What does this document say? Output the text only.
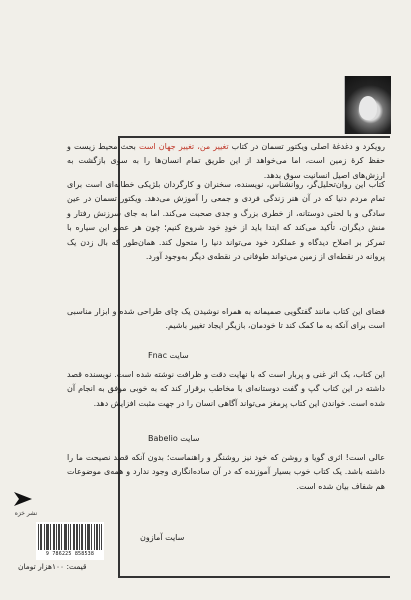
رویکرد و دغدغهٔ اصلی ویکتور تسمان در کتاب تغییر من، تغییر جهان است بحث محیط زیست و حفظ کرهٔ زمین است، اما می‌خواهد از این طریق تمام انسان‌ها را به سوی بازگشت به ارزش‌های اصیل انسانیت سوق بدهد.

کتاب این روان‌تحلیل‌گر، روانشناس، نویسنده، سخنران و کارگردان بلژیکی خطابه‌ای است برای تمام مردم دنیا که در آن هنر زندگی فردی و جمعی را آموزش می‌دهد. ویکتور تسمان در عین سادگی و با لحنی دوستانه، از خطری بزرگ و جدی صحبت می‌کند. اما به جای سرزنش رفتار و منش دیگران، تأکید می‌کند که ابتدا باید از خودِ خود شروع کنیم؛ چون هر عضو این سیاره با تمرکز بر اصلاح دیدگاه و عملکرد خود می‌تواند دنیا را متحول کند. همان‌طور که بال زدن یک پروانه در نقطه‌ای از زمین می‌تواند طوفانی در نقطه‌ی دیگر به‌وجود آورد.

فضای این کتاب مانند گفتگویی صمیمانه به همراه نوشیدن یک چای طراحی شده و ابزار مناسبی است برای آنکه به ما کمک کند تا خودمان، بازیگر ایجاد تغییر باشیم.

سایت Fnac

این کتاب، یک اثر غنی و پربار است که با نهایت دقت و ظرافت نوشته شده است. نویسنده قصد داشته در این کتاب گپ و گفت دوستانه‌ای با مخاطب برقرار کند که به خوبی موفق به انجام آن شده است. خواندن این کتاب پرمغز می‌تواند آگاهی انسان را در جهت مثبت افزایش دهد.

سایت Babelio

عالی است! اثری گویا و روشن که خود نیز روشنگر و راهنماست؛ بدون آنکه قصد نصیحت ما را داشته باشد. یک کتاب خوب بسیار آموزنده که در آن ساده‌انگاری وجود ندارد و همه‌ی موضوعات هم شفاف بیان شده است.

سایت آمازون
نشر خزه
9 786225 858538
قیمت: ۱۰۰هزار تومان
